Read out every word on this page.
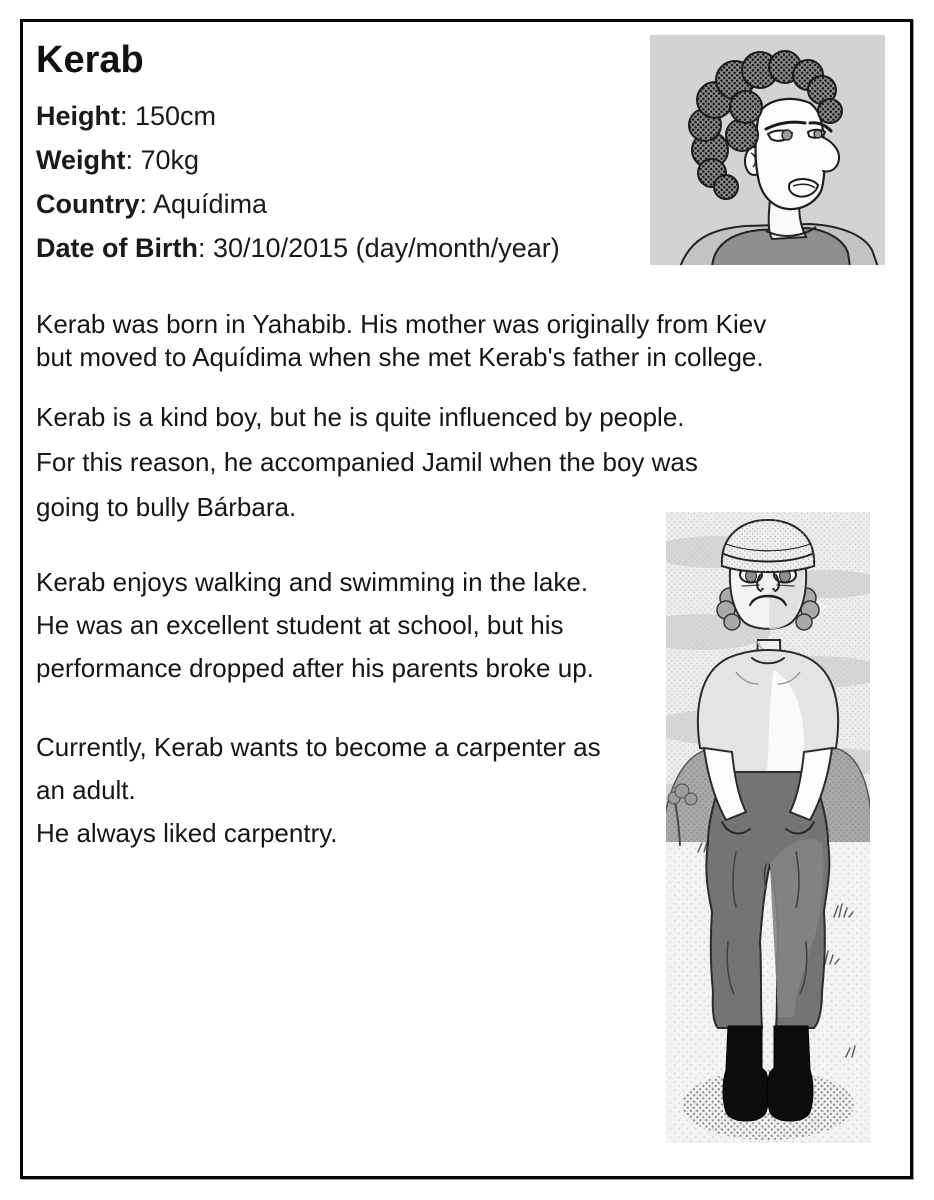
Kerab
Height: 150cm
Weight: 70kg
Country: Aquídima
Date of Birth: 30/10/2015 (day/month/year)
Kerab was born in Yahabib. His mother was originally from Kiev
but moved to Aquídima when she met Kerab's father in college.
Kerab is a kind boy, but he is quite influenced by people.
For this reason, he accompanied Jamil when the boy was
going to bully Bárbara.
Kerab enjoys walking and swimming in the lake.
He was an excellent student at school, but his
performance dropped after his parents broke up.
Currently, Kerab wants to become a carpenter as
an adult.
He always liked carpentry.
